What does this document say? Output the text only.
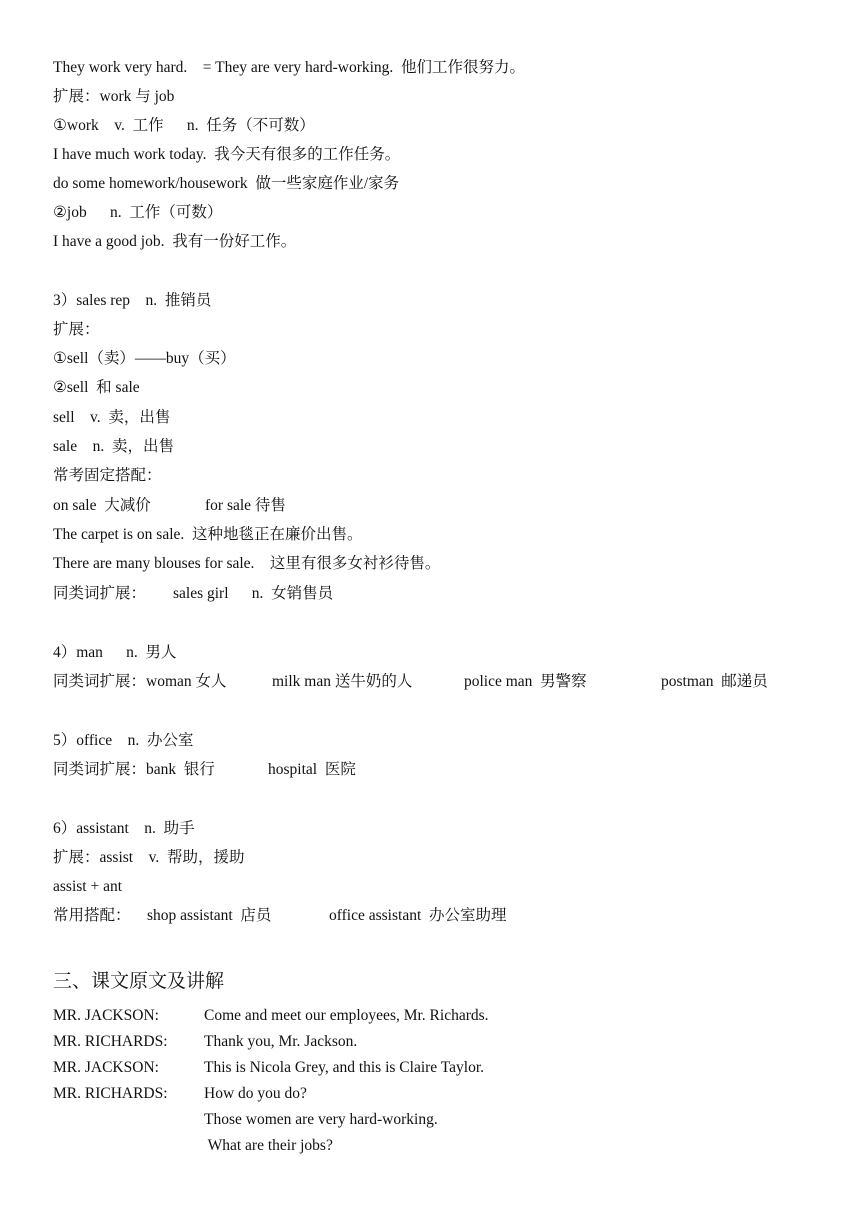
They work very hard.    = They are very hard-working.  他们工作很努力。
扩展：work 与 job
①work    v.  工作      n.  任务（不可数）
I have much work today.  我今天有很多的工作任务。
do some homework/housework  做一些家庭作业/家务
②job      n.  工作（可数）
I have a good job.  我有一份好工作。
3）sales rep    n.  推销员
扩展：
①sell（卖）——buy（买）
②sell  和 sale
sell    v.  卖，出售
sale    n.  卖，出售
常考固定搭配：
on sale  大减价	for sale 待售
The carpet is on sale.  这种地毯正在廉价出售。
There are many blouses for sale.    这里有很多女衬衫待售。
同类词扩展： sales girl      n.  女销售员
4）man      n.  男人
同类词扩展：woman 女人	milk man 送牛奶的人	police man  男警察	postman  邮递员
5）office    n.  办公室
同类词扩展：bank  银行	hospital  医院
6）assistant    n.  助手
扩展：assist    v.  帮助，援助
assist + ant
常用搭配： shop assistant  店员	office assistant  办公室助理
三、课文原文及讲解
MR. JACKSON:	Come and meet our employees, Mr. Richards.
MR. RICHARDS: Thank you, Mr. Jackson.
MR. JACKSON:	This is Nicola Grey, and this is Claire Taylor.
MR. RICHARDS: How do you do?
Those women are very hard-working.
What are their jobs?
